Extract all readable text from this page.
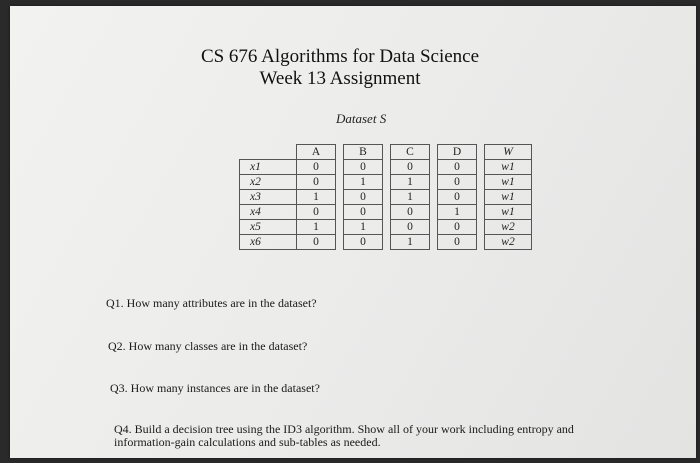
CS 676 Algorithms for Data Science
Week 13 Assignment
Dataset S
	A		B		C		D		W
x1	0		0		0		0		w1
x2	0		1		1		0		w1
x3	1		0		1		0		w1
x4	0		0		0		1		w1
x5	1		1		0		0		w2
x6	0		0		1		0		w2
Q1. How many attributes are in the dataset?
Q2. How many classes are in the dataset?
Q3. How many instances are in the dataset?
Q4. Build a decision tree using the ID3 algorithm. Show all of your work including entropy and information-gain calculations and sub-tables as needed.
